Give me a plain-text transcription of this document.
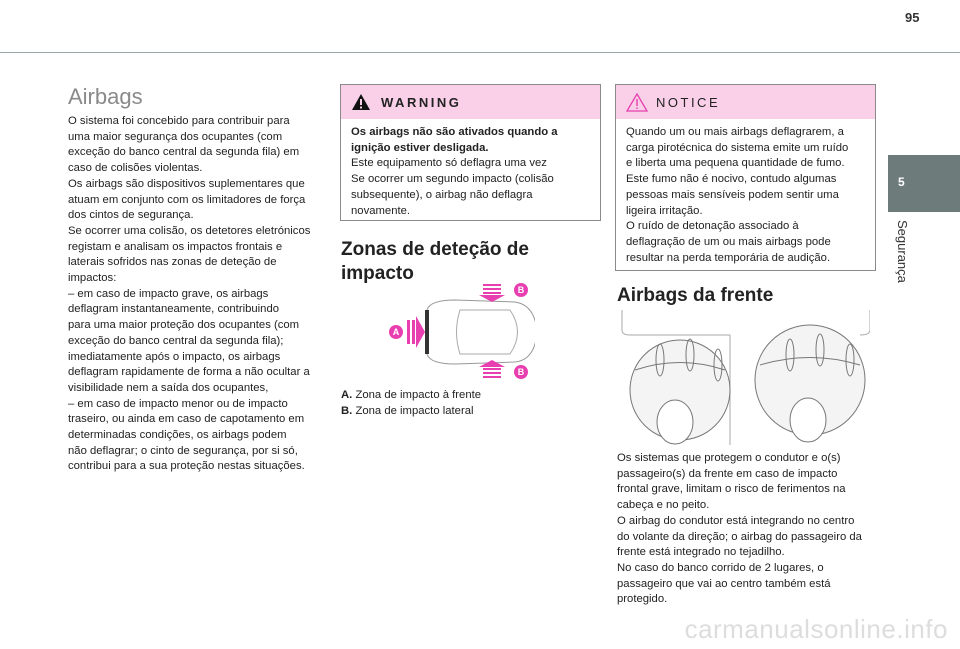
95
5
Segurança
Airbags
O sistema foi concebido para contribuir para
uma maior segurança dos ocupantes (com
exceção do banco central da segunda fila) em
caso de colisões violentas.
Os airbags são dispositivos suplementares que
atuam em conjunto com os limitadores de força
dos cintos de segurança.
Se ocorrer uma colisão, os detetores eletrónicos
registam e analisam os impactos frontais e
laterais sofridos nas zonas de deteção de
impactos:
– em caso de impacto grave, os airbags
deflagram instantaneamente, contribuindo
para uma maior proteção dos ocupantes (com
exceção do banco central da segunda fila);
imediatamente após o impacto, os airbags
deflagram rapidamente de forma a não ocultar a
visibilidade nem a saída dos ocupantes,
– em caso de impacto menor ou de impacto
traseiro, ou ainda em caso de capotamento em
determinadas condições, os airbags podem
não deflagrar; o cinto de segurança, por si só,
contribui para a sua proteção nestas situações.
WARNING
Os airbags não são ativados quando a
ignição estiver desligada.
Este equipamento só deflagra uma vez
Se ocorrer um segundo impacto (colisão
subsequente), o airbag não deflagra
novamente.
Zonas de deteção de impacto
A
B
B
A. Zona de impacto à frente
B. Zona de impacto lateral
NOTICE
Quando um ou mais airbags deflagrarem, a
carga pirotécnica do sistema emite um ruído
e liberta uma pequena quantidade de fumo.
Este fumo não é nocivo, contudo algumas
pessoas mais sensíveis podem sentir uma
ligeira irritação.
O ruído de detonação associado à
deflagração de um ou mais airbags pode
resultar na perda temporária de audição.
Airbags da frente
Os sistemas que protegem o condutor e o(s)
passageiro(s) da frente em caso de impacto
frontal grave, limitam o risco de ferimentos na
cabeça e no peito.
O airbag do condutor está integrando no centro
do volante da direção; o airbag do passageiro da
frente está integrado no tejadilho.
No caso do banco corrido de 2 lugares, o
passageiro que vai ao centro também está
protegido.
carmanualsonline.info
